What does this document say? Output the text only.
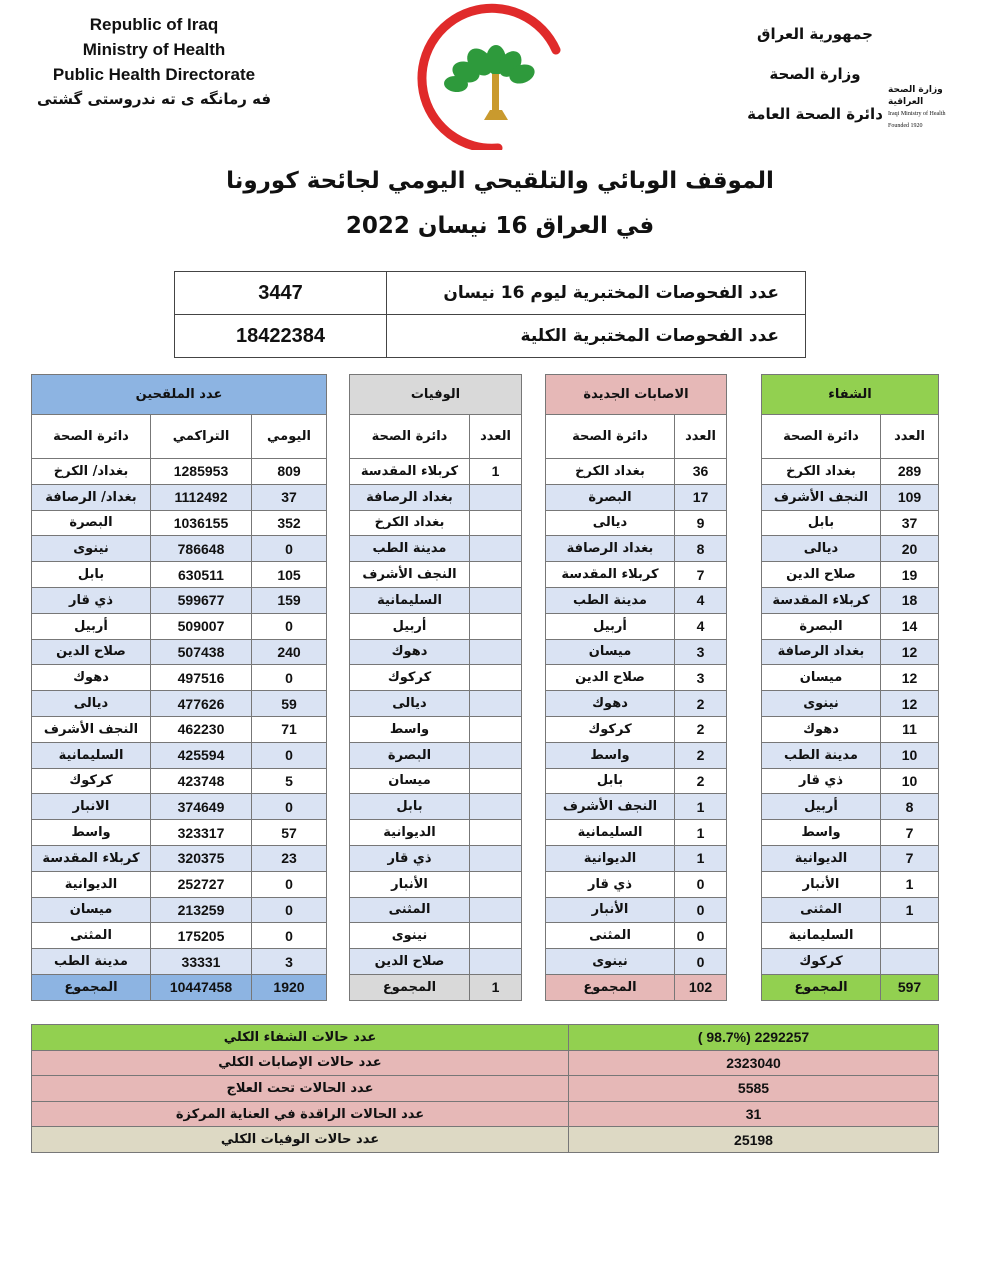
Republic of Iraq
Ministry of Health
Public Health Directorate
فه رمانگه ى ته ندروستى گشتى	وزارة الصحة العراقية
Iraqi Ministry of Health
Founded 1920
جمهورية العراق
وزارة الصحة
دائرة الصحة العامة
الموقف الوبائي والتلقيحي اليومي لجائحة كورونا
في العراق 16 نيسان 2022
3447	عدد الفحوصات المختبرية ليوم 16 نيسان
18422384	عدد الفحوصات المختبرية الكلية
الشفاء	
دائرة الصحة	العدد
بغداد الكرخ	289
النجف الأشرف	109
بابل	37
ديالى	20
صلاح الدين	19
كربلاء المقدسة	18
البصرة	14
بغداد الرصافة	12
ميسان	12
نينوى	12
دهوك	11
مدينة الطب	10
ذي قار	10
أربيل	8
واسط	7
الديوانية	7
الأنبار	1
المثنى	1
السليمانية	
كركوك	
المجموع	597
الاصابات الجديدة	
دائرة الصحة	العدد
بغداد الكرخ	36
البصرة	17
ديالى	9
بغداد الرصافة	8
كربلاء المقدسة	7
مدينة الطب	4
أربيل	4
ميسان	3
صلاح الدين	3
دهوك	2
كركوك	2
واسط	2
بابل	2
النجف الأشرف	1
السليمانية	1
الديوانية	1
ذي قار	0
الأنبار	0
المثنى	0
نينوى	0
المجموع	102
الوفيات	
دائرة الصحة	العدد
كربلاء المقدسة	1
بغداد الرصافة	
بغداد الكرخ	
مدينة الطب	
النجف الأشرف	
السليمانية	
أربيل	
دهوك	
كركوك	
ديالى	
واسط	
البصرة	
ميسان	
بابل	
الديوانية	
ذي قار	
الأنبار	
المثنى	
نينوى	
صلاح الدين	
المجموع	1
عدد الملقحين		
دائرة الصحة	التراكمي	اليومي
بغداد/ الكرخ	1285953	809
بغداد/ الرصافة	1112492	37
البصرة	1036155	352
نينوى	786648	0
بابل	630511	105
ذي قار	599677	159
أربيل	509007	0
صلاح الدين	507438	240
دهوك	497516	0
ديالى	477626	59
النجف الأشرف	462230	71
السليمانية	425594	0
كركوك	423748	5
الانبار	374649	0
واسط	323317	57
كربلاء المقدسة	320375	23
الديوانية	252727	0
ميسان	213259	0
المثنى	175205	0
مدينة الطب	33331	3
المجموع	10447458	1920
عدد حالات الشفاء الكلي	2292257 (98.7% )
عدد حالات الإصابات الكلي	2323040
عدد الحالات تحت العلاج	5585
عدد الحالات الراقدة في العناية المركزة	31
عدد حالات الوفيات الكلي	25198
